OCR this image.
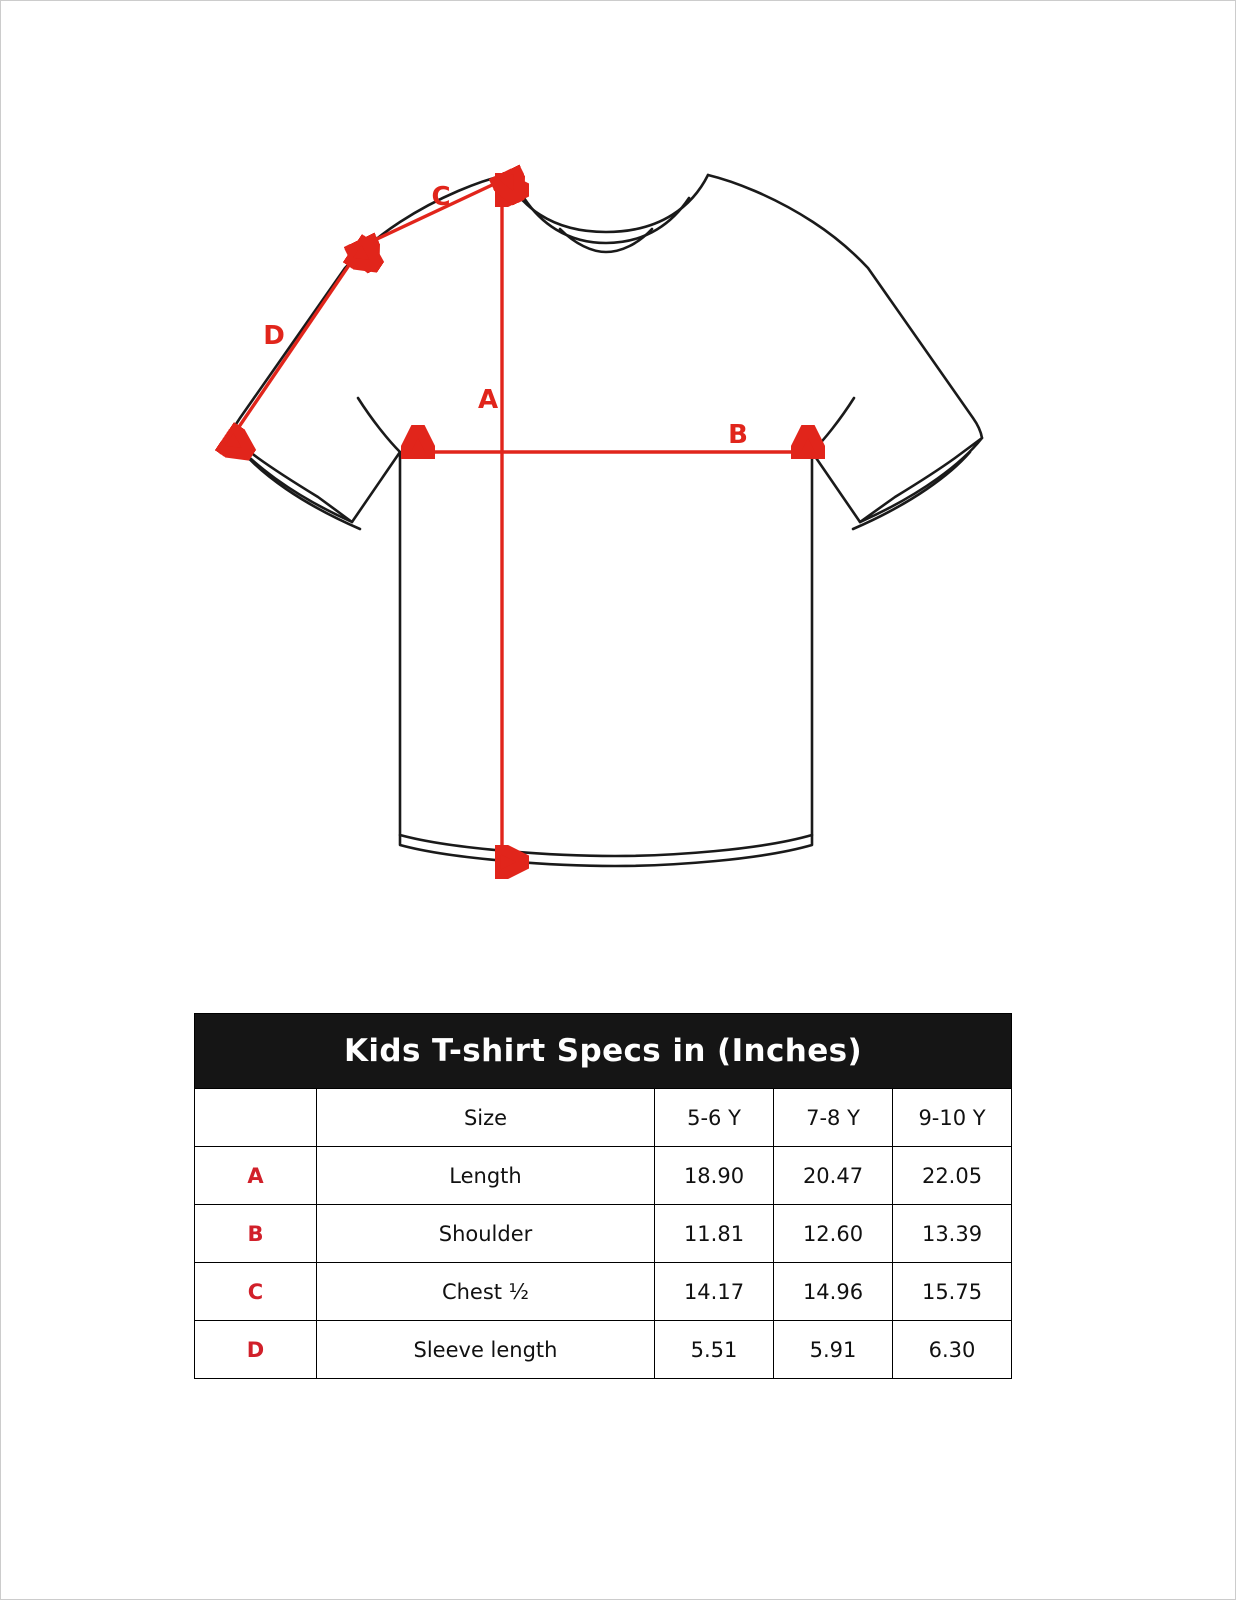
A
B
C
D
Kids T-shirt Specs in (Inches)				
	Size	5-6 Y	7-8 Y	9-10 Y
A	Length	18.90	20.47	22.05
B	Shoulder	11.81	12.60	13.39
C	Chest ½	14.17	14.96	15.75
D	Sleeve length	5.51	5.91	6.30
